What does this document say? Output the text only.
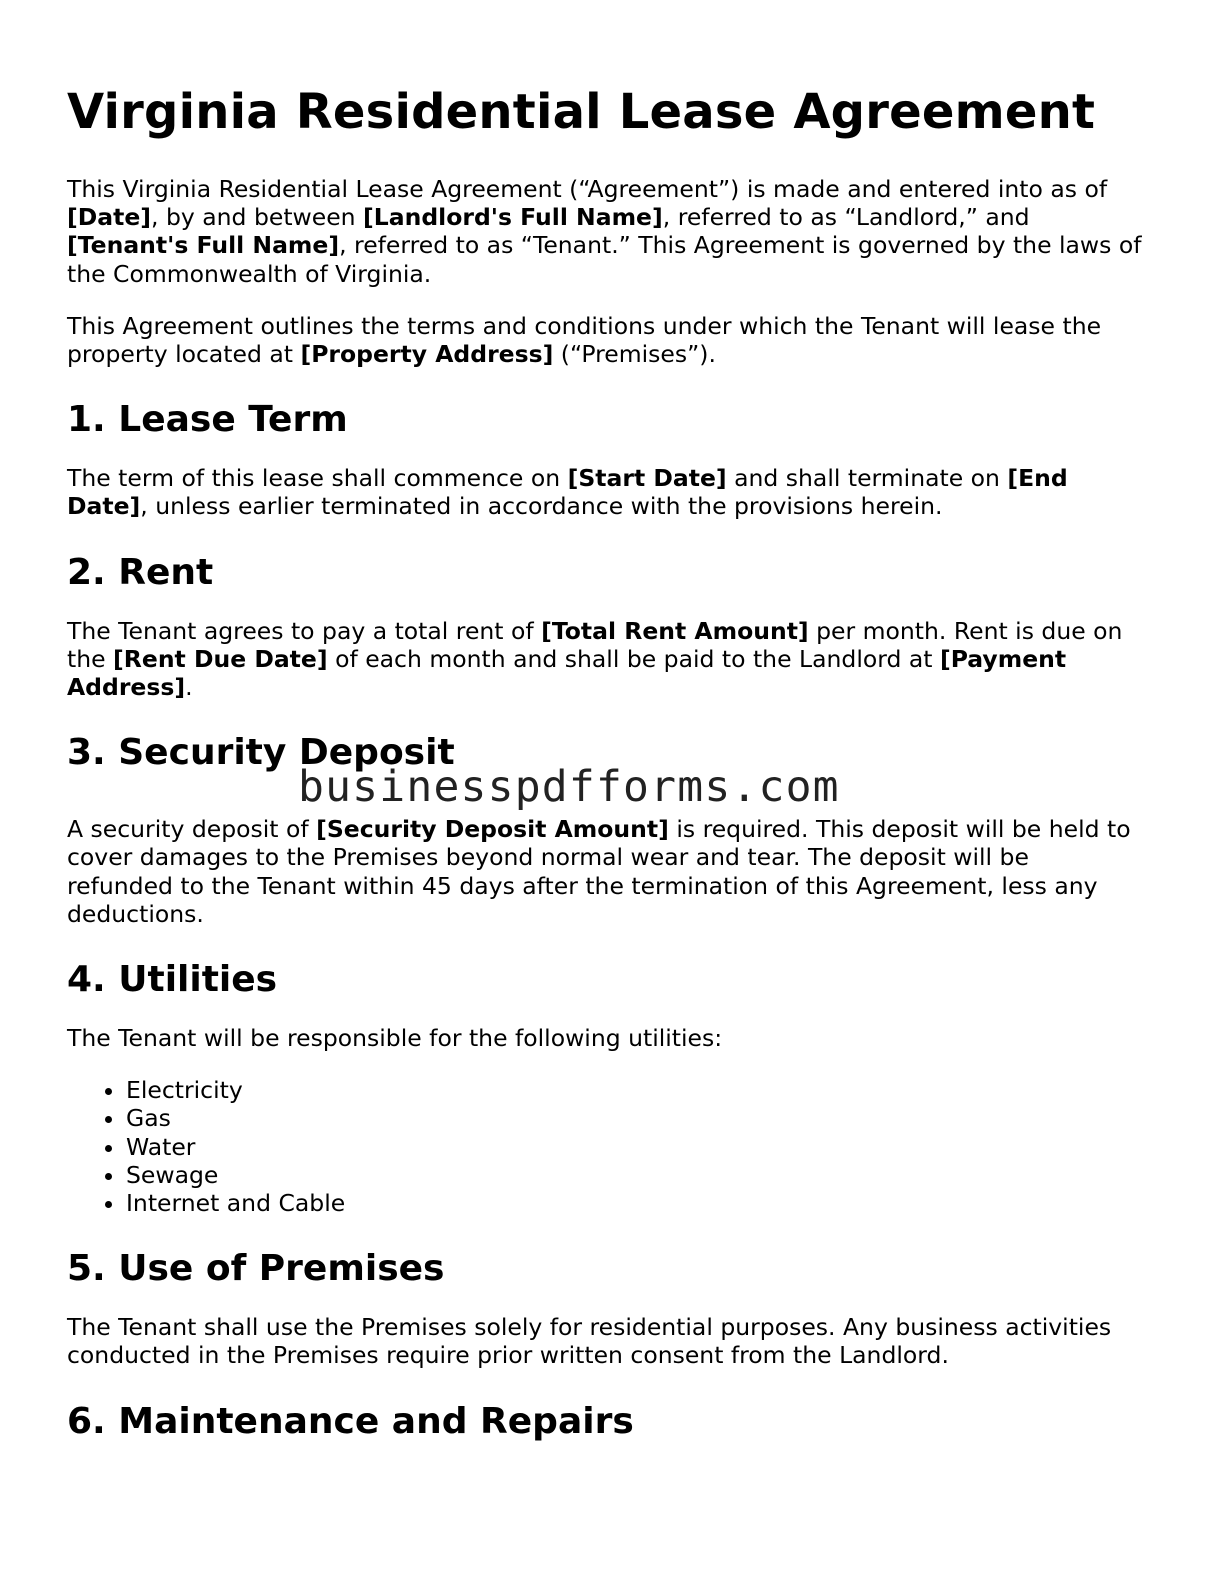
Virginia Residential Lease Agreement

This Virginia Residential Lease Agreement (“Agreement”) is made and entered into as of [Date], by and between [Landlord's Full Name], referred to as “Landlord,” and [Tenant's Full Name], referred to as “Tenant.” This Agreement is governed by the laws of the Commonwealth of Virginia.

This Agreement outlines the terms and conditions under which the Tenant will lease the property located at [Property Address] (“Premises”).

1. Lease Term

The term of this lease shall commence on [Start Date] and shall terminate on [End Date], unless earlier terminated in accordance with the provisions herein.

2. Rent

The Tenant agrees to pay a total rent of [Total Rent Amount] per month. Rent is due on the [Rent Due Date] of each month and shall be paid to the Landlord at [Payment Address].

3. Security Deposit

A security deposit of [Security Deposit Amount] is required. This deposit will be held to cover damages to the Premises beyond normal wear and tear. The deposit will be refunded to the Tenant within 45 days after the termination of this Agreement, less any deductions.

4. Utilities

The Tenant will be responsible for the following utilities:

• Electricity
• Gas
• Water
• Sewage
• Internet and Cable
5. Use of Premises

The Tenant shall use the Premises solely for residential purposes. Any business activities conducted in the Premises require prior written consent from the Landlord.

6. Maintenance and Repairs
businesspdfforms.com
